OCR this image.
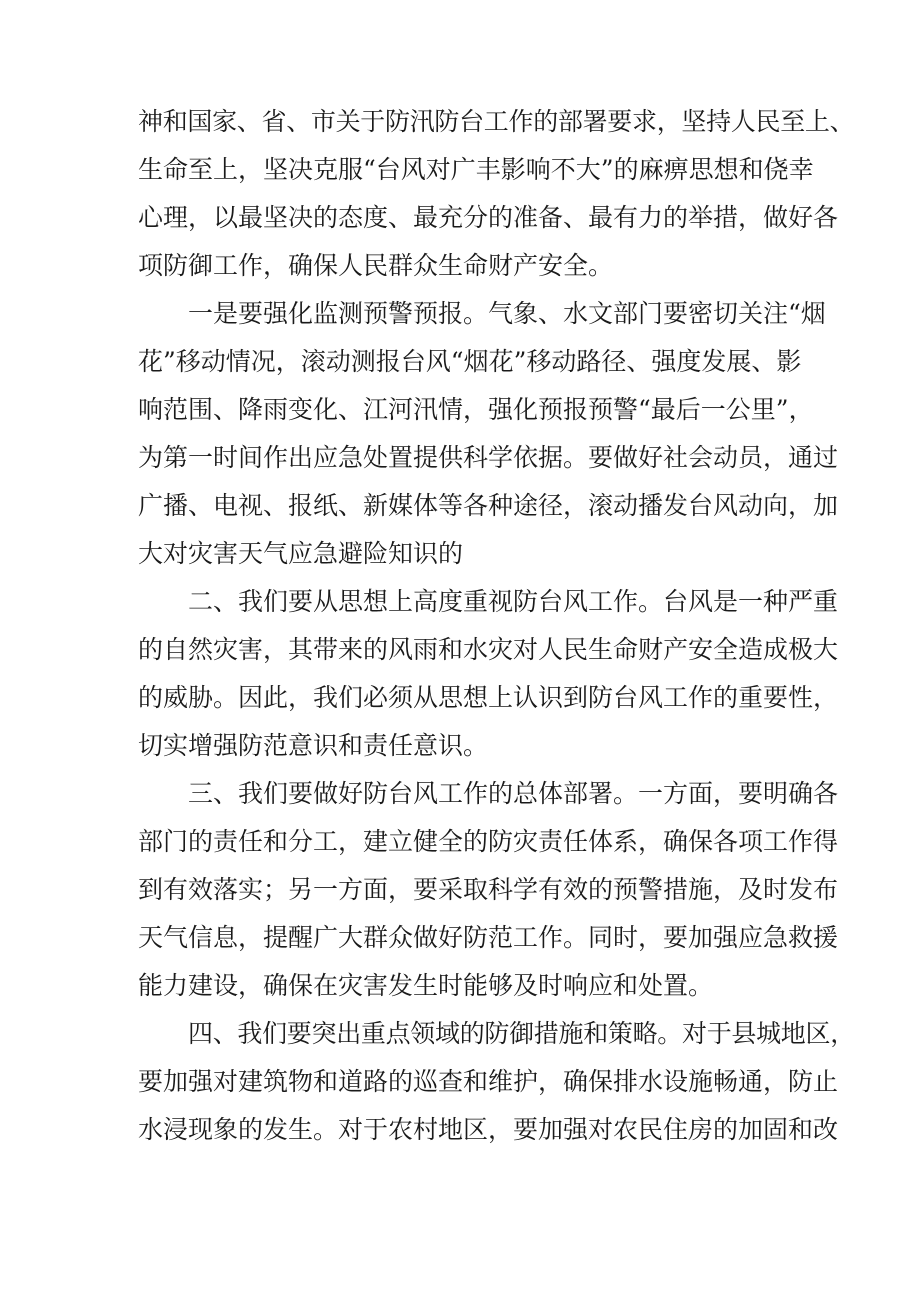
神和国家、省、市关于防汛防台工作的部署要求，坚持人民至上、
生命至上，坚决克服“台风对广丰影响不大”的麻痹思想和侥幸
心理，以最坚决的态度、最充分的准备、最有力的举措，做好各
项防御工作，确保人民群众生命财产安全。
一是要强化监测预警预报。气象、水文部门要密切关注“烟
花”移动情况，滚动测报台风“烟花”移动路径、强度发展、影
响范围、降雨变化、江河汛情，强化预报预警“最后一公里”，
为第一时间作出应急处置提供科学依据。要做好社会动员，通过
广播、电视、报纸、新媒体等各种途径，滚动播发台风动向，加
大对灾害天气应急避险知识的
二、我们要从思想上高度重视防台风工作。台风是一种严重
的自然灾害，其带来的风雨和水灾对人民生命财产安全造成极大
的威胁。因此，我们必须从思想上认识到防台风工作的重要性，
切实增强防范意识和责任意识。
三、我们要做好防台风工作的总体部署。一方面，要明确各
部门的责任和分工，建立健全的防灾责任体系，确保各项工作得
到有效落实；另一方面，要采取科学有效的预警措施，及时发布
天气信息，提醒广大群众做好防范工作。同时，要加强应急救援
能力建设，确保在灾害发生时能够及时响应和处置。
四、我们要突出重点领域的防御措施和策略。对于县城地区，
要加强对建筑物和道路的巡查和维护，确保排水设施畅通，防止
水浸现象的发生。对于农村地区，要加强对农民住房的加固和改
